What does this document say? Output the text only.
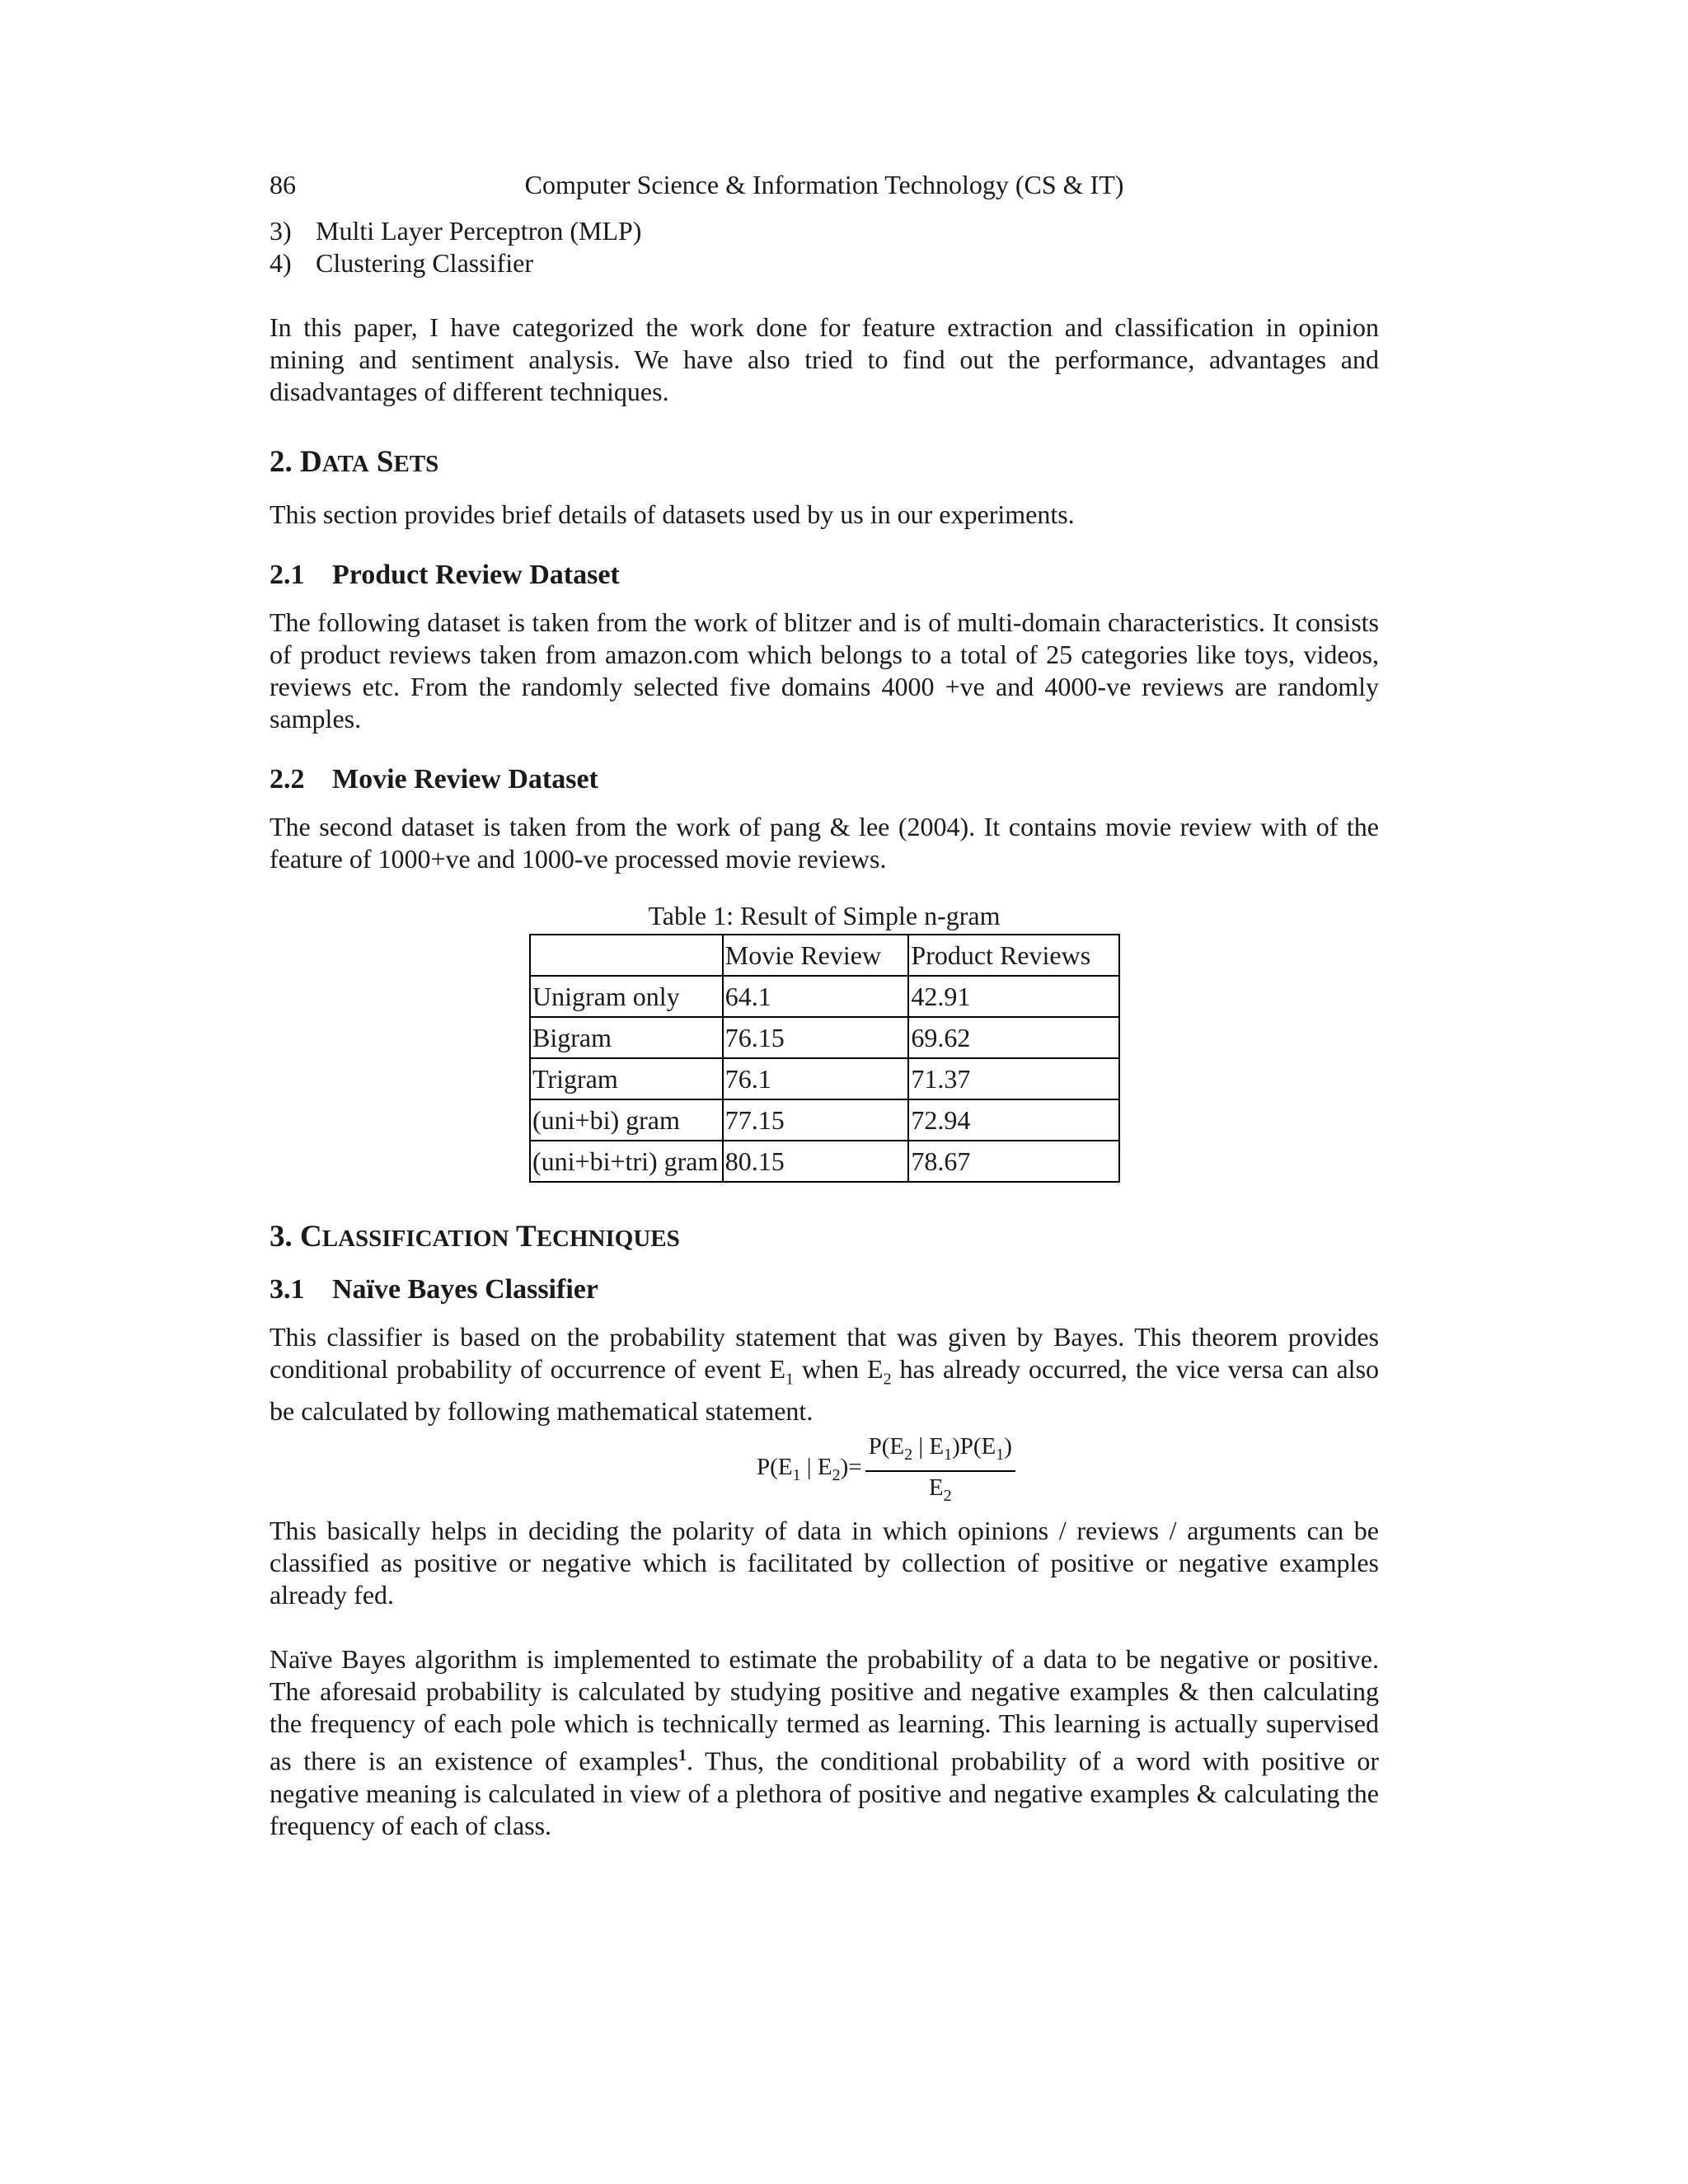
86	Computer Science & Information Technology (CS & IT)
3) Multi Layer Perceptron (MLP)
4) Clustering Classifier

In this paper, I have categorized the work done for feature extraction and classification in opinion mining and sentiment analysis. We have also tried to find out the performance, advantages and disadvantages of different techniques.

2. DATA SETS

This section provides brief details of datasets used by us in our experiments.

2.1 Product Review Dataset

The following dataset is taken from the work of blitzer and is of multi-domain characteristics. It consists of product reviews taken from amazon.com which belongs to a total of 25 categories like toys, videos, reviews etc. From the randomly selected five domains 4000 +ve and 4000-ve reviews are randomly samples.

2.2 Movie Review Dataset

The second dataset is taken from the work of pang & lee (2004). It contains movie review with of the feature of 1000+ve and 1000-ve processed movie reviews.

Table 1: Result of Simple n-gram
	Movie Review	Product Reviews
Unigram only	64.1	42.91
Bigram	76.15	69.62
Trigram	76.1	71.37
(uni+bi) gram	77.15	72.94
(uni+bi+tri) gram	80.15	78.67
3. CLASSIFICATION TECHNIQUES
3.1 Naïve Bayes Classifier

This classifier is based on the probability statement that was given by Bayes. This theorem provides conditional probability of occurrence of event $E_1$ when $E_2$ has already occurred, the vice versa can also be calculated by following mathematical statement.

$P(E_1$ | $E_2)= \frac{P(E_2 | E_1)P(E_1)}{E_2}$

This basically helps in deciding the polarity of data in which opinions / reviews / arguments can be classified as positive or negative which is facilitated by collection of positive or negative examples already fed.

Naïve Bayes algorithm is implemented to estimate the probability of a data to be negative or positive. The aforesaid probability is calculated by studying positive and negative examples & then calculating the frequency of each pole which is technically termed as learning. This learning is actually supervised as there is an existence of examples$^1$. Thus, the conditional probability of a word with positive or negative meaning is calculated in view of a plethora of positive and negative examples & calculating the frequency of each of class.
